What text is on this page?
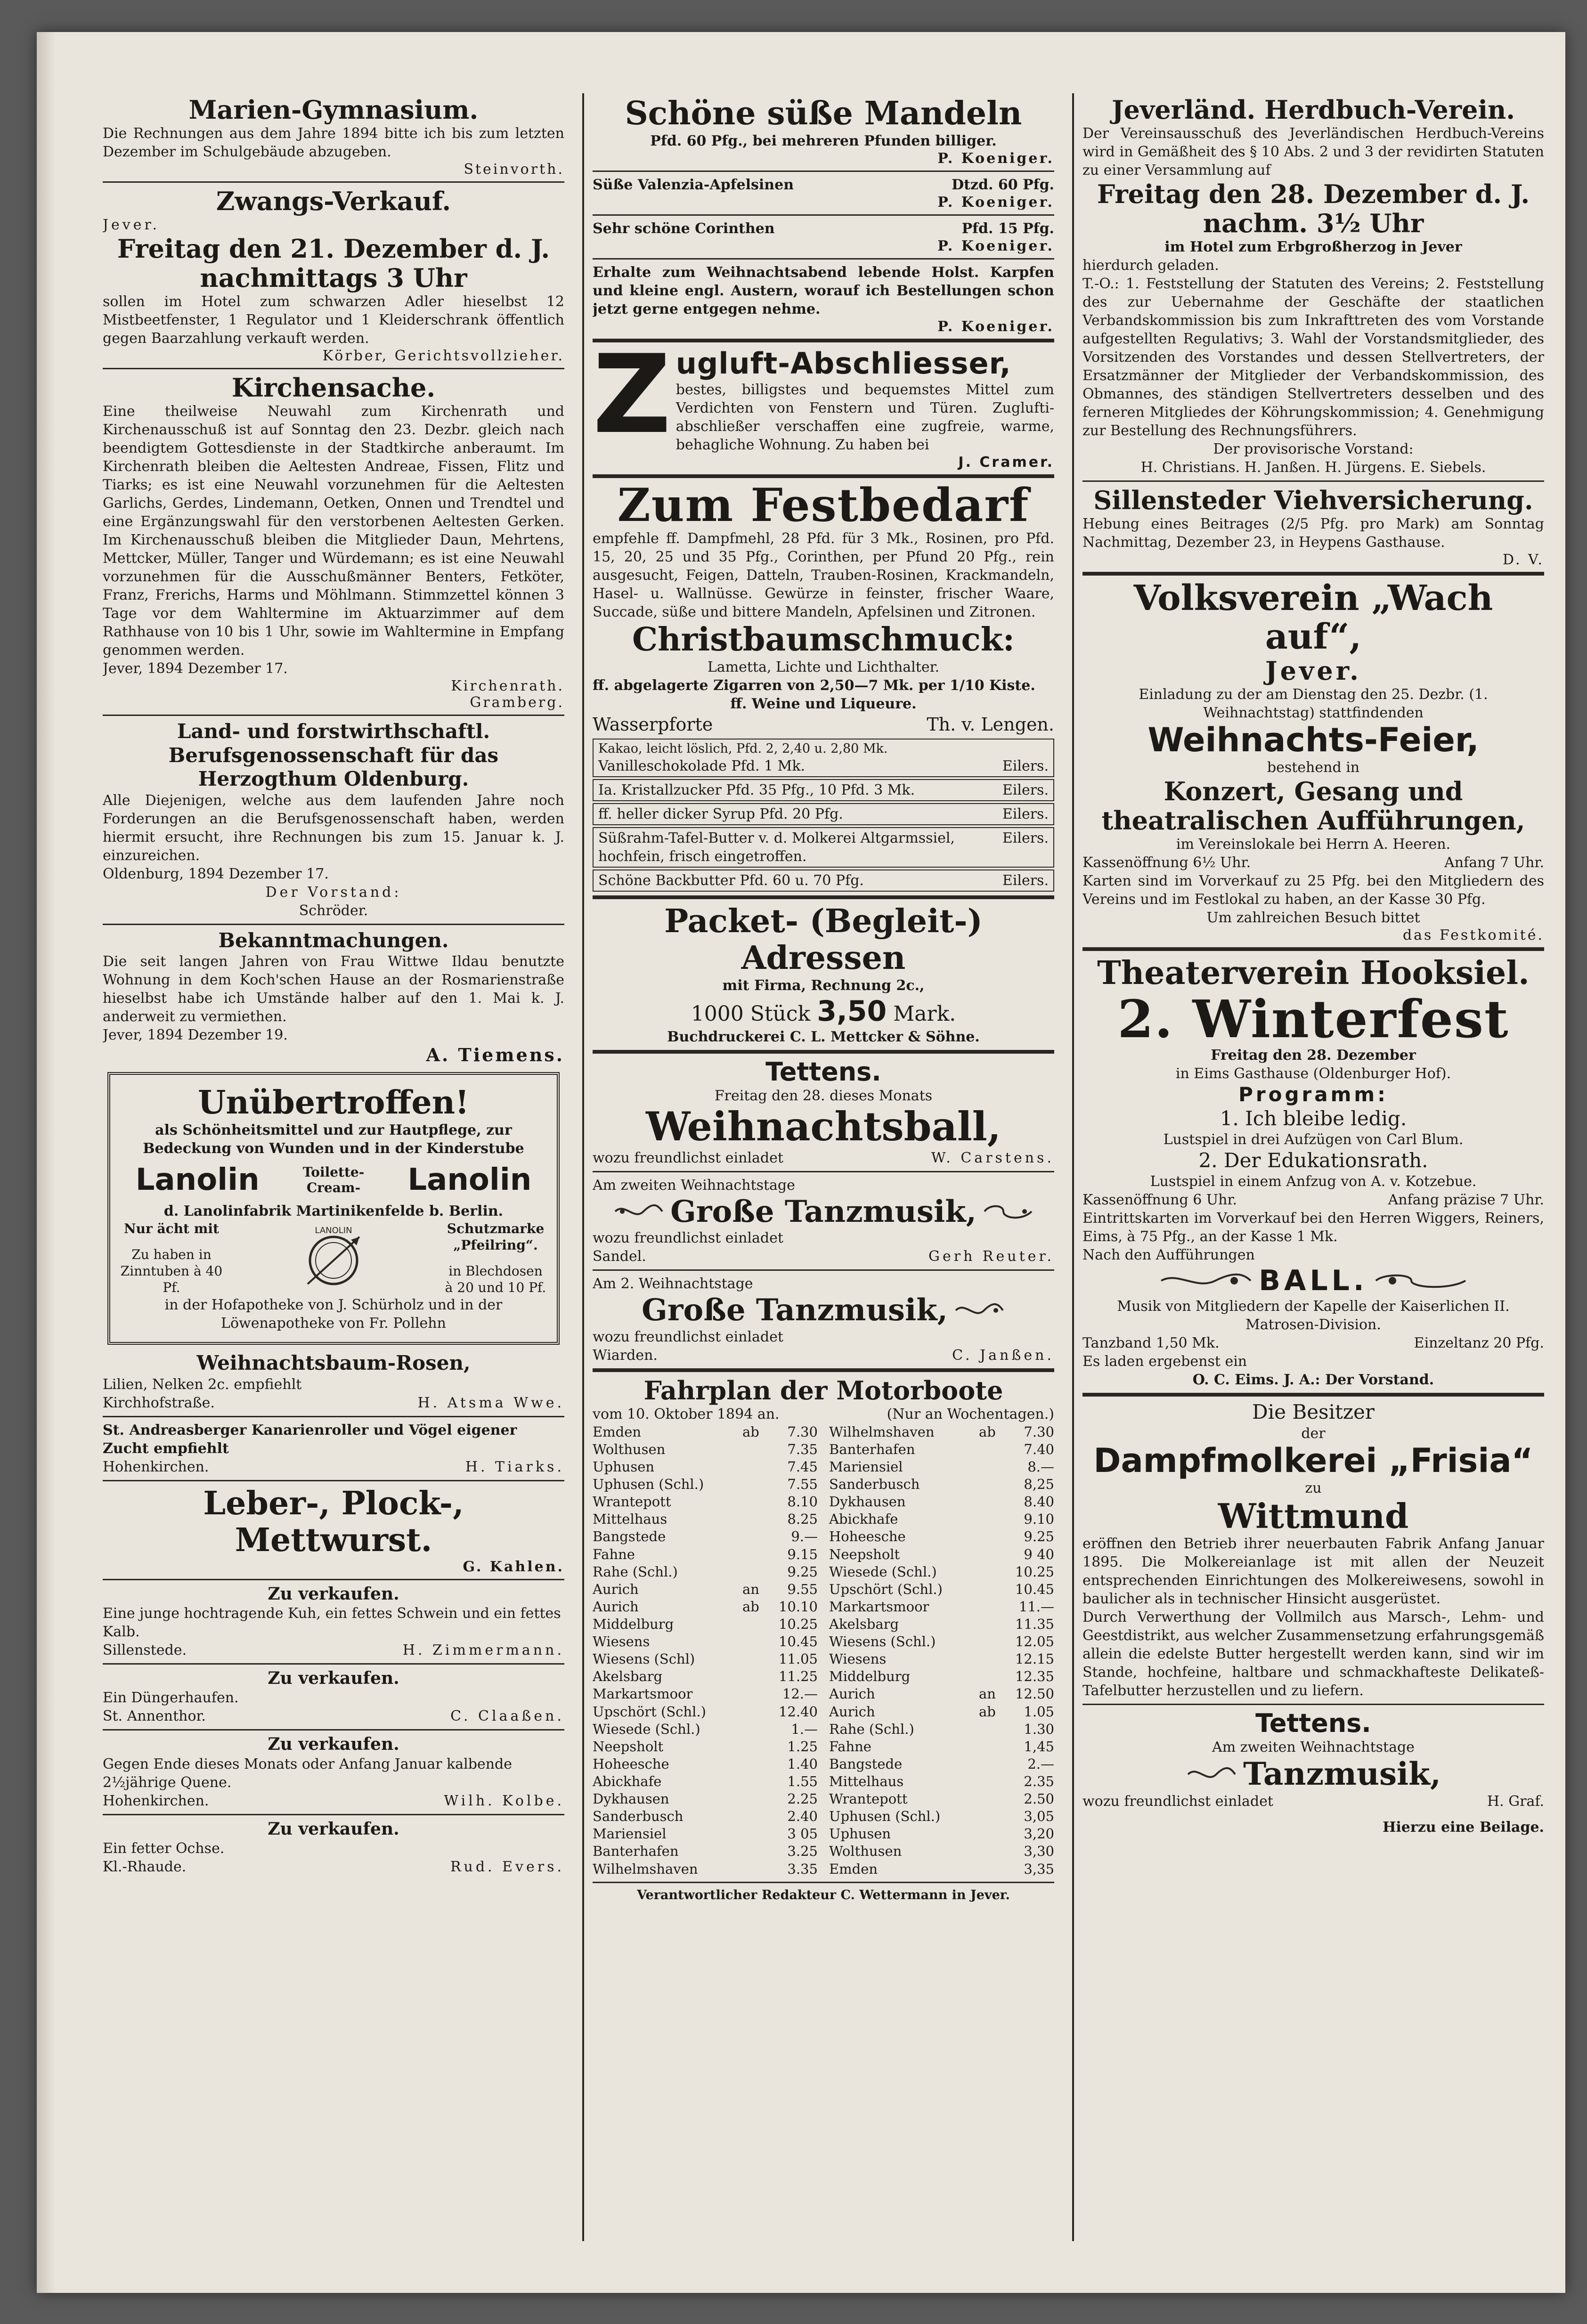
Marien-Gymnasium.
Die Rechnungen aus dem Jahre 1894 bitte ich bis zum letzten Dezember im Schulgebäude abzugeben.
Steinvorth.
Zwangs-Verkauf.
Jever.
Freitag den 21. Dezember d. J.
nachmittags 3 Uhr
sollen im Hotel zum schwarzen Adler hieselbst 12 Mistbeetfenster, 1 Regulator und 1 Kleiderschrank öffentlich gegen Baarzahlung verkauft werden.
Körber, Gerichtsvollzieher.
Kirchensache.
Eine theilweise Neuwahl zum Kirchenrath und Kirchenausschuß ist auf Sonntag den 23. Dezbr. gleich nach beendigtem Gottesdienste in der Stadtkirche anberaumt. Im Kirchenrath bleiben die Aeltesten Andreae, Fissen, Flitz und Tiarks; es ist eine Neuwahl vorzunehmen für die Aeltesten Garlichs, Gerdes, Lindemann, Oetken, Onnen und Trendtel und eine Ergänzungswahl für den verstorbenen Aeltesten Gerken. Im Kirchenausschuß bleiben die Mitglieder Daun, Mehrtens, Mettcker, Müller, Tanger und Würdemann; es ist eine Neuwahl vorzunehmen für die Ausschußmänner Benters, Fetköter, Franz, Frerichs, Harms und Möhlmann. Stimmzettel können 3 Tage vor dem Wahltermine im Aktuarzimmer auf dem Rathhause von 10 bis 1 Uhr, sowie im Wahltermine in Empfang genommen werden.
Jever, 1894 Dezember 17.
Kirchenrath.
Gramberg.
Land- und forstwirthschaftl. Berufsgenossenschaft für das Herzogthum Oldenburg.
Alle Diejenigen, welche aus dem laufenden Jahre noch Forderungen an die Berufsgenossenschaft haben, werden hiermit ersucht, ihre Rechnungen bis zum 15. Januar k. J. einzureichen.
Oldenburg, 1894 Dezember 17.
Der Vorstand:
Schröder.
Bekanntmachungen.
Die seit langen Jahren von Frau Wittwe Ildau benutzte Wohnung in dem Koch'schen Hause an der Rosmarienstraße hieselbst habe ich Umstände halber auf den 1. Mai k. J. anderweit zu vermiethen.
Jever, 1894 Dezember 19.
A. Tiemens.
Unübertroffen!
als Schönheitsmittel und zur Hautpflege, zur Bedeckung von Wunden und in der Kinderstube
Lanolin	Toilette-Cream-	Lanolin
d. Lanolinfabrik Martinikenfelde b. Berlin.
Nur ächt mit
Zu haben in Zinntuben à 40 Pf.
LANOLIN	Schutzmarke „Pfeilring“.
in Blechdosen à 20 und 10 Pf.
in der Hofapotheke von J. Schürholz und in der Löwenapotheke von Fr. Pollehn
Weihnachtsbaum-Rosen,
Lilien, Nelken 2c. empfiehlt
Kirchhofstraße.	H. Atsma Wwe.
St. Andreasberger Kanarienroller und Vögel eigener Zucht empfiehlt
Hohenkirchen.	H. Tiarks.
Leber-, Plock-, Mettwurst.
G. Kahlen.
Zu verkaufen.
Eine junge hochtragende Kuh, ein fettes Schwein und ein fettes Kalb.
Sillenstede.	H. Zimmermann.
Zu verkaufen.
Ein Düngerhaufen.
St. Annenthor.	C. Claaßen.
Zu verkaufen.
Gegen Ende dieses Monats oder Anfang Januar kalbende 2½jährige Quene.
Hohenkirchen.	Wilh. Kolbe.
Zu verkaufen.
Ein fetter Ochse.
Kl.-Rhaude.	Rud. Evers.
Schöne süße Mandeln
Pfd. 60 Pfg., bei mehreren Pfunden billiger.
P. Koeniger.
Süße Valenzia-Apfelsinen	Dtzd. 60 Pfg.
P. Koeniger.
Sehr schöne Corinthen	Pfd. 15 Pfg.
P. Koeniger.
Erhalte zum Weihnachtsabend lebende Holst. Karpfen und kleine engl. Austern, worauf ich Bestellungen schon jetzt gerne entgegen nehme.
P. Koeniger.
Z ugluft-Abschliesser,
bestes, billigstes und bequemstes Mittel zum Verdichten von Fenstern und Türen. Zuglufti-abschließer verschaffen eine zugfreie, warme, behagliche Wohnung. Zu haben bei
J. Cramer.
Zum Festbedarf
empfehle ff. Dampfmehl, 28 Pfd. für 3 Mk., Rosinen, pro Pfd. 15, 20, 25 und 35 Pfg., Corinthen, per Pfund 20 Pfg., rein ausgesucht, Feigen, Datteln, Trauben-Rosinen, Krackmandeln, Hasel- u. Wallnüsse. Gewürze in feinster, frischer Waare, Succade, süße und bittere Mandeln, Apfelsinen und Zitronen.
Christbaumschmuck:
Lametta, Lichte und Lichthalter.
ff. abgelagerte Zigarren von 2,50—7 Mk. per 1/10 Kiste.
ff. Weine und Liqueure.
Wasserpforte	Th. v. Lengen.
Kakao, leicht löslich, Pfd. 2, 2,40 u. 2,80 Mk.
Vanilleschokolade Pfd. 1 Mk.	Eilers.
Ia. Kristallzucker Pfd. 35 Pfg., 10 Pfd. 3 Mk.	Eilers.
ff. heller dicker Syrup Pfd. 20 Pfg.	Eilers.
Süßrahm-Tafel-Butter v. d. Molkerei Altgarmssiel, hochfein, frisch eingetroffen.
Eilers.
Schöne Backbutter Pfd. 60 u. 70 Pfg.	Eilers.
Packet- (Begleit-) Adressen
mit Firma, Rechnung 2c.,
1000 Stück 3,50 Mark.
Buchdruckerei C. L. Mettcker & Söhne.
Tettens.
Freitag den 28. dieses Monats
Weihnachtsball,
wozu freundlichst einladet	W. Carstens.
Am zweiten Weihnachtstage
Große Tanzmusik,
wozu freundlichst einladet
Sandel.	Gerh Reuter.
Am 2. Weihnachtstage
Große Tanzmusik,
wozu freundlichst einladet
Wiarden.	C. Janßen.
Fahrplan der Motorboote
vom 10. Oktober 1894 an.	(Nur an Wochentagen.)
Emden	ab	7.30
Wolthusen	7.35
Uphusen	7.45
Uphusen (Schl.)	7.55
Wrantepott	8.10
Mittelhaus	8.25
Bangstede	9.—
Fahne	9.15
Rahe (Schl.)	9.25
Aurich	an	9.55
Aurich	ab	10.10
Middelburg	10.25
Wiesens	10.45
Wiesens (Schl)	11.05
Akelsbarg	11.25
Markartsmoor	12.—
Upschört (Schl.)	12.40
Wiesede (Schl.)	1.—
Neepsholt	1.25
Hoheesche	1.40
Abickhafe	1.55
Dykhausen	2.25
Sanderbusch	2.40
Mariensiel	3 05
Banterhafen	3.25
Wilhelmshaven	3.35
Wilhelmshaven	ab	7.30
Banterhafen	7.40
Mariensiel	8.—
Sanderbusch	8,25
Dykhausen	8.40
Abickhafe	9.10
Hoheesche	9.25
Neepsholt	9 40
Wiesede (Schl.)	10.25
Upschört (Schl.)	10.45
Markartsmoor	11.—
Akelsbarg	11.35
Wiesens (Schl.)	12.05
Wiesens	12.15
Middelburg	12.35
Aurich	an	12.50
Aurich	ab	1.05
Rahe (Schl.)	1.30
Fahne	1,45
Bangstede	2.—
Mittelhaus	2.35
Wrantepott	2.50
Uphusen (Schl.)	3,05
Uphusen	3,20
Wolthusen	3,30
Emden	3,35
Verantwortlicher Redakteur C. Wettermann in Jever.
Jeverländ. Herdbuch-Verein.
Der Vereinsausschuß des Jeverländischen Herdbuch-Vereins wird in Gemäßheit des § 10 Abs. 2 und 3 der revidirten Statuten zu einer Versammlung auf
Freitag den 28. Dezember d. J.
nachm. 3½ Uhr
im Hotel zum Erbgroßherzog in Jever
hierdurch geladen.
T.-O.: 1. Feststellung der Statuten des Vereins; 2. Feststellung des zur Uebernahme der Geschäfte der staatlichen Verbandskommission bis zum Inkrafttreten des vom Vorstande aufgestellten Regulativs; 3. Wahl der Vorstandsmitglieder, des Vorsitzenden des Vorstandes und dessen Stellvertreters, der Ersatzmänner der Mitglieder der Verbandskommission, des Obmannes, des ständigen Stellvertreters desselben und des ferneren Mitgliedes der Köhrungskommission; 4. Genehmigung zur Bestellung des Rechnungsführers.
Der provisorische Vorstand:
H. Christians. H. Janßen. H. Jürgens. E. Siebels.
Sillensteder Viehversicherung.
Hebung eines Beitrages (2/5 Pfg. pro Mark) am Sonntag Nachmittag, Dezember 23, in Heypens Gasthause.
D. V.
Volksverein „Wach auf“,
Jever.
Einladung zu der am Dienstag den 25. Dezbr. (1. Weihnachtstag) stattfindenden
Weihnachts-Feier,
bestehend in
Konzert, Gesang und theatralischen Aufführungen,
im Vereinslokale bei Herrn A. Heeren.
Kassenöffnung 6½ Uhr.	Anfang 7 Uhr.
Karten sind im Vorverkauf zu 25 Pfg. bei den Mitgliedern des Vereins und im Festlokal zu haben, an der Kasse 30 Pfg.
Um zahlreichen Besuch bittet
das Festkomité.
Theaterverein Hooksiel.
2. Winterfest
Freitag den 28. Dezember
in Eims Gasthause (Oldenburger Hof).
Programm:
1. Ich bleibe ledig.
Lustspiel in drei Aufzügen von Carl Blum.
2. Der Edukationsrath.
Lustspiel in einem Anfzug von A. v. Kotzebue.
Kassenöffnung 6 Uhr.	Anfang präzise 7 Uhr.
Eintrittskarten im Vorverkauf bei den Herren Wiggers, Reiners, Eims, à 75 Pfg., an der Kasse 1 Mk.
Nach den Aufführungen
BALL.
Musik von Mitgliedern der Kapelle der Kaiserlichen II. Matrosen-Division.
Tanzband 1,50 Mk.	Einzeltanz 20 Pfg.
Es laden ergebenst ein
O. C. Eims. J. A.: Der Vorstand.
Die Besitzer
der
Dampfmolkerei „Frisia“
zu
Wittmund
eröffnen den Betrieb ihrer neuerbauten Fabrik Anfang Januar 1895. Die Molkereianlage ist mit allen der Neuzeit entsprechenden Einrichtungen des Molkereiwesens, sowohl in baulicher als in technischer Hinsicht ausgerüstet.
Durch Verwerthung der Vollmilch aus Marsch-, Lehm- und Geestdistrikt, aus welcher Zusammensetzung erfahrungsgemäß allein die edelste Butter hergestellt werden kann, sind wir im Stande, hochfeine, haltbare und schmackhafteste Delikateß-Tafelbutter herzustellen und zu liefern.
Tettens.
Am zweiten Weihnachtstage
Tanzmusik,
wozu freundlichst einladet	H. Graf.
Hierzu eine Beilage.
